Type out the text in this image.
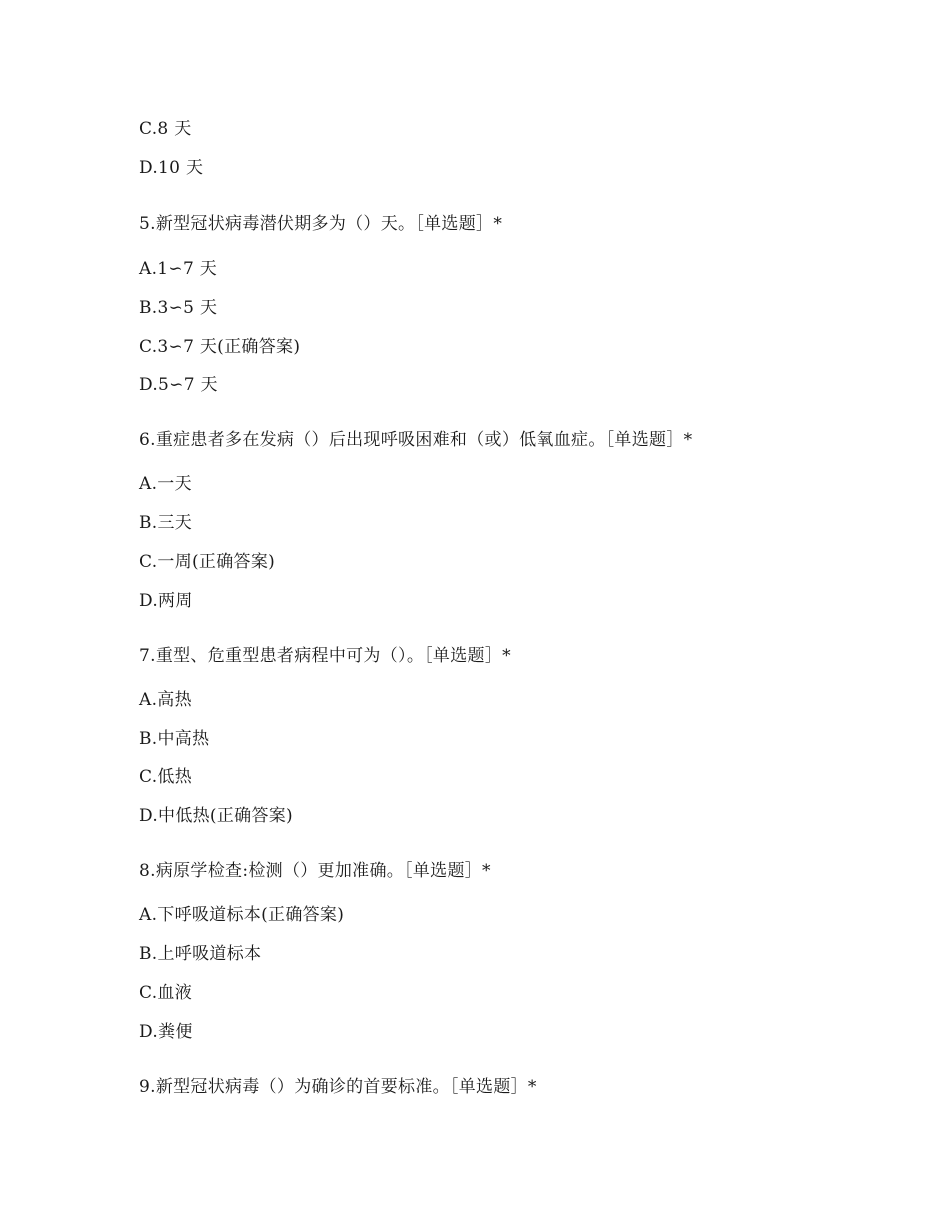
C.8 天
D.10 天
5.新型冠状病毒潜伏期多为（）天。［单选题］*
A.1∽7 天
B.3∽5 天
C.3∽7 天(正确答案)
D.5∽7 天
6.重症患者多在发病（）后出现呼吸困难和（或）低氧血症。［单选题］*
A.一天
B.三天
C.一周(正确答案)
D.两周
7.重型、危重型患者病程中可为（）。［单选题］*
A.高热
B.中高热
C.低热
D.中低热(正确答案)
8.病原学检查:检测（）更加准确。［单选题］*
A.下呼吸道标本(正确答案)
B.上呼吸道标本
C.血液
D.粪便
9.新型冠状病毒（）为确诊的首要标准。［单选题］*
